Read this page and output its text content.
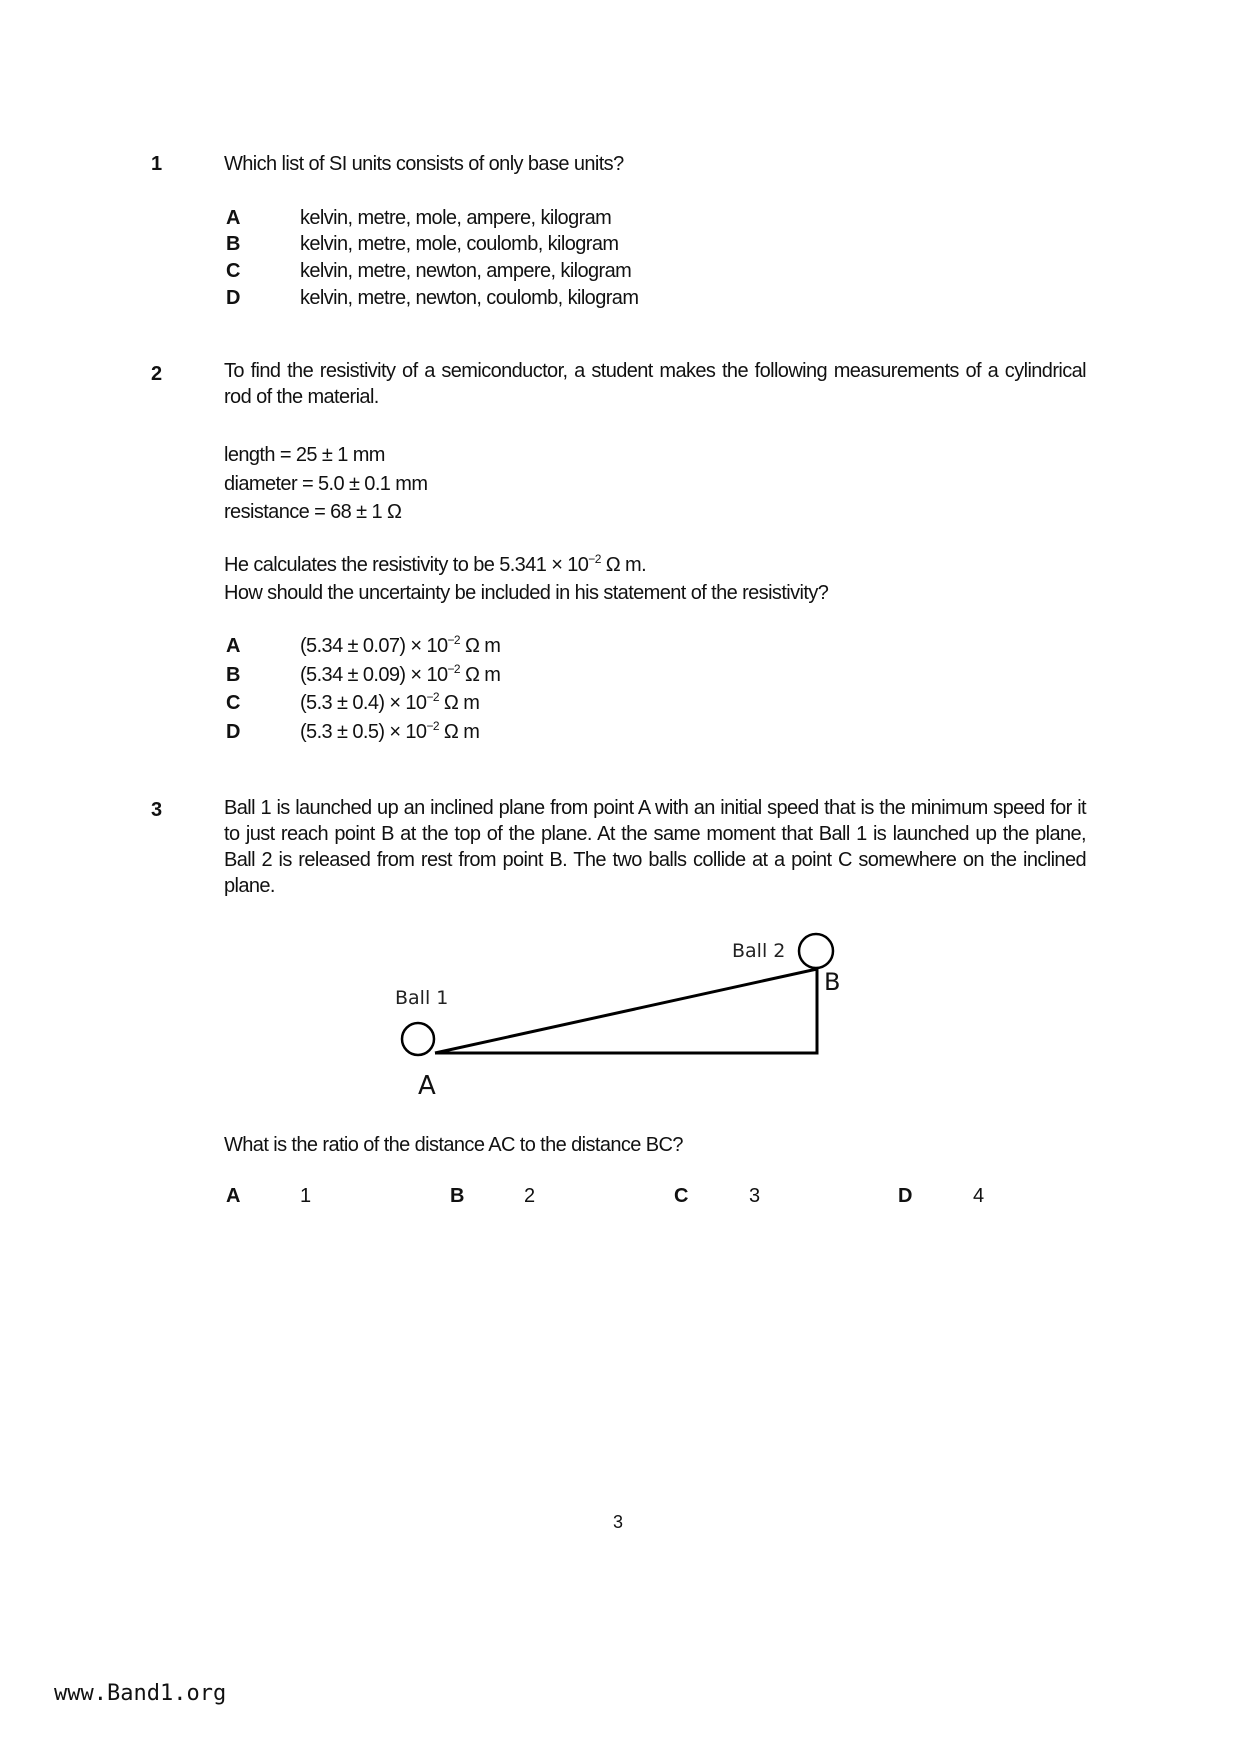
1	Which list of SI units consists of only base units?
A	kelvin, metre, mole, ampere, kilogram
B	kelvin, metre, mole, coulomb, kilogram
C	kelvin, metre, newton, ampere, kilogram
D	kelvin, metre, newton, coulomb, kilogram
2	To find the resistivity of a semiconductor, a student makes the following measurements of a cylindrical rod of the material.
length = 25 ± 1 mm
diameter = 5.0 ± 0.1 mm
resistance = 68 ± 1 Ω
He calculates the resistivity to be $5.341 \times 10^{-2}$ Ω m.
How should the uncertainty be included in his statement of the resistivity?
A	$(5.34 \pm 0.07) \times 10^{-2}$ Ω m
B	$(5.34 \pm 0.09) \times 10^{-2}$ Ω m
C	$(5.3 \pm 0.4) \times 10^{-2}$ Ω m
D	$(5.3 \pm 0.5) \times 10^{-2}$ Ω m
3	Ball 1 is launched up an inclined plane from point A with an initial speed that is the minimum speed for it to just reach point B at the top of the plane. At the same moment that Ball 1 is launched up the plane, Ball 2 is released from rest from point B. The two balls collide at a point C somewhere on the inclined plane.
Ball 1
Ball 2
A
B
What is the ratio of the distance AC to the distance BC?
A	1	B	2	C	3	D	4
3
www.Band1.org
